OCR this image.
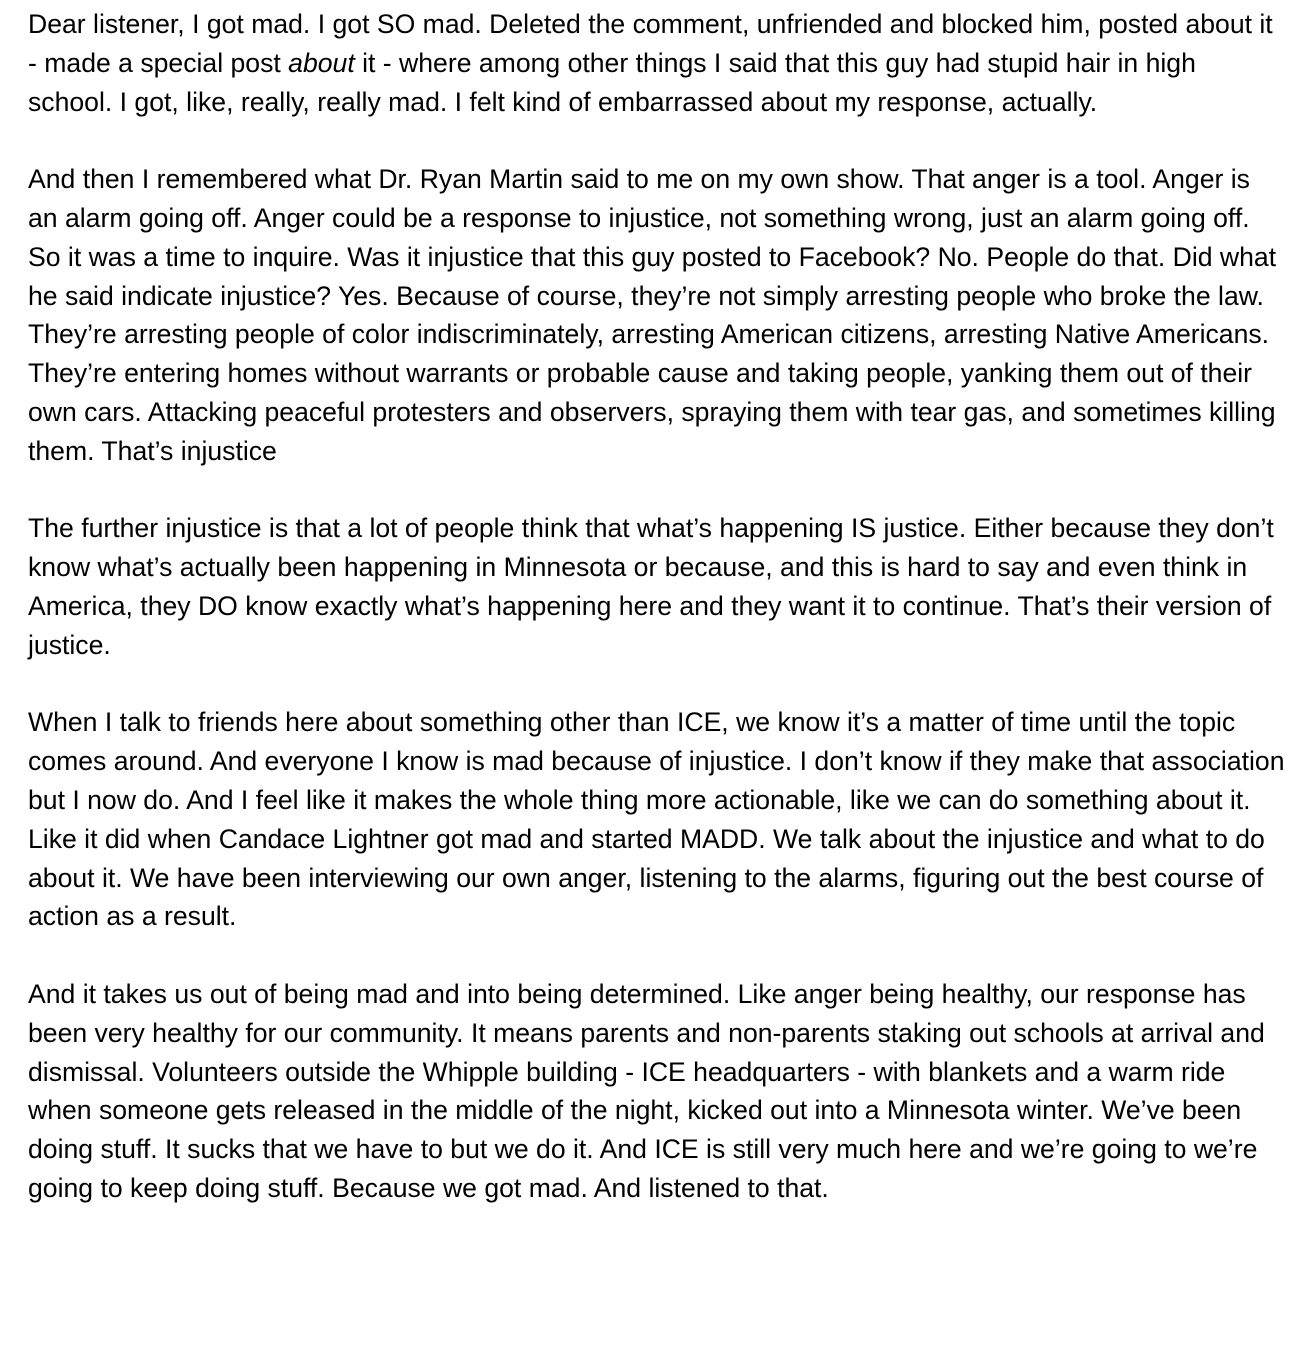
Dear listener, I got mad. I got SO mad. Deleted the comment, unfriended and blocked him, posted about it - made a special post about it - where among other things I said that this guy had stupid hair in high school. I got, like, really, really mad. I felt kind of embarrassed about my response, actually.

And then I remembered what Dr. Ryan Martin said to me on my own show. That anger is a tool. Anger is an alarm going off. Anger could be a response to injustice, not something wrong, just an alarm going off. So it was a time to inquire. Was it injustice that this guy posted to Facebook? No. People do that. Did what he said indicate injustice? Yes. Because of course, they’re not simply arresting people who broke the law. They’re arresting people of color indiscriminately, arresting American citizens, arresting Native Americans. They’re entering homes without warrants or probable cause and taking people, yanking them out of their own cars. Attacking peaceful protesters and observers, spraying them with tear gas, and sometimes killing them. That’s injustice

The further injustice is that a lot of people think that what’s happening IS justice. Either because they don’t know what’s actually been happening in Minnesota or because, and this is hard to say and even think in America, they DO know exactly what’s happening here and they want it to continue. That’s their version of justice.

When I talk to friends here about something other than ICE, we know it’s a matter of time until the topic comes around. And everyone I know is mad because of injustice. I don’t know if they make that association but I now do. And I feel like it makes the whole thing more actionable, like we can do something about it. Like it did when Candace Lightner got mad and started MADD. We talk about the injustice and what to do about it. We have been interviewing our own anger, listening to the alarms, figuring out the best course of action as a result.

And it takes us out of being mad and into being determined. Like anger being healthy, our response has been very healthy for our community. It means parents and non-parents staking out schools at arrival and dismissal. Volunteers outside the Whipple building - ICE headquarters - with blankets and a warm ride when someone gets released in the middle of the night, kicked out into a Minnesota winter. We’ve been doing stuff. It sucks that we have to but we do it. And ICE is still very much here and we’re going to we’re going to keep doing stuff. Because we got mad. And listened to that.
